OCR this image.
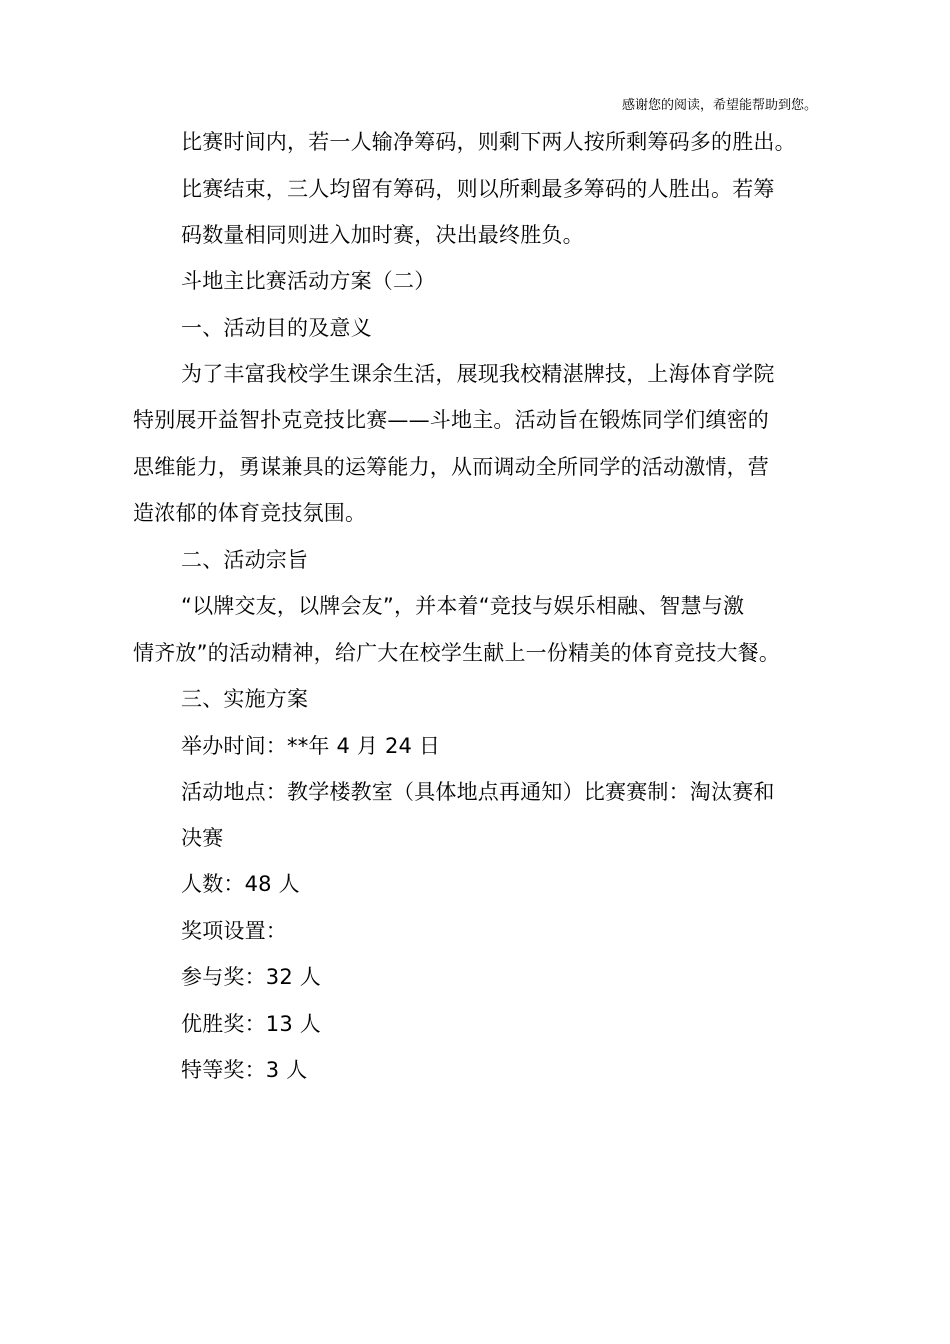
感谢您的阅读，希望能帮助到您。
比赛时间内，若一人输净筹码，则剩下两人按所剩筹码多的胜出。
比赛结束，三人均留有筹码，则以所剩最多筹码的人胜出。若筹
码数量相同则进入加时赛，决出最终胜负。
斗地主比赛活动方案（二）
一、活动目的及意义
为了丰富我校学生课余生活，展现我校精湛牌技，上海体育学院
特别展开益智扑克竞技比赛——斗地主。活动旨在锻炼同学们缜密的
思维能力，勇谋兼具的运筹能力，从而调动全所同学的活动激情，营
造浓郁的体育竞技氛围。
二、活动宗旨
“以牌交友，以牌会友”，并本着“竞技与娱乐相融、智慧与激
情齐放”的活动精神，给广大在校学生献上一份精美的体育竞技大餐。
三、实施方案
举办时间：**年 4 月 24 日
活动地点：教学楼教室（具体地点再通知）比赛赛制：淘汰赛和
决赛
人数：48 人
奖项设置：
参与奖：32 人
优胜奖：13 人
特等奖：3 人
